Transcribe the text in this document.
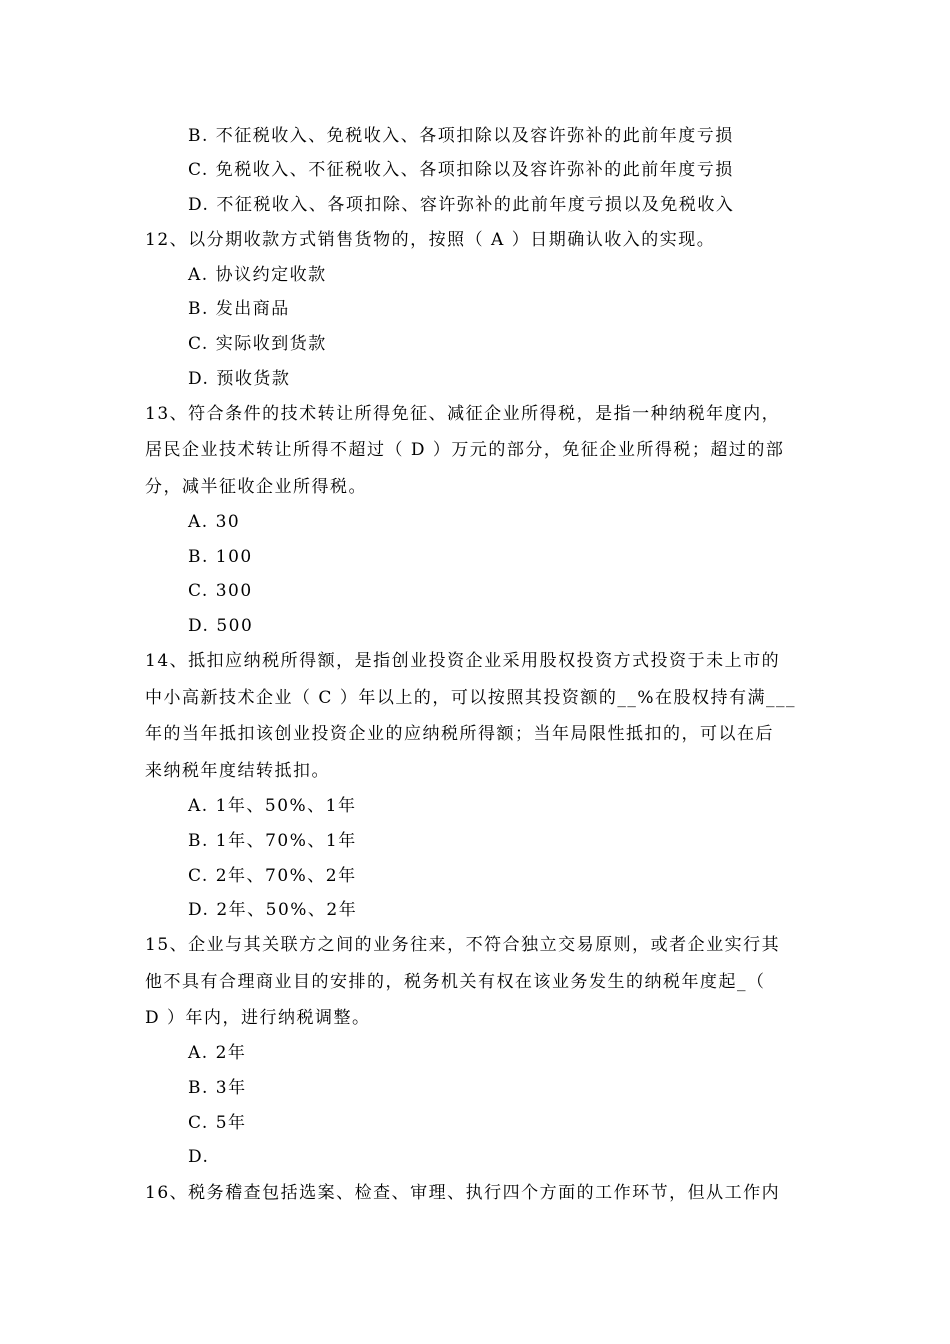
B. 不征税收入、免税收入、各项扣除以及容许弥补的此前年度亏损
C. 免税收入、不征税收入、各项扣除以及容许弥补的此前年度亏损
D. 不征税收入、各项扣除、容许弥补的此前年度亏损以及免税收入
12、以分期收款方式销售货物的，按照（ A ）日期确认收入的实现。
A. 协议约定收款
B. 发出商品
C. 实际收到货款
D. 预收货款
13、符合条件的技术转让所得免征、减征企业所得税，是指一种纳税年度内，
居民企业技术转让所得不超过（ D ）万元的部分，免征企业所得税；超过的部
分，减半征收企业所得税。
A. 30
B. 100
C. 300
D. 500
14、抵扣应纳税所得额，是指创业投资企业采用股权投资方式投资于未上市的
中小高新技术企业（ C ）年以上的，可以按照其投资额的__%在股权持有满___
年的当年抵扣该创业投资企业的应纳税所得额；当年局限性抵扣的，可以在后
来纳税年度结转抵扣。
A. 1年、50%、1年
B. 1年、70%、1年
C. 2年、70%、2年
D. 2年、50%、2年
15、企业与其关联方之间的业务往来，不符合独立交易原则，或者企业实行其
他不具有合理商业目的安排的，税务机关有权在该业务发生的纳税年度起_（
D ）年内，进行纳税调整。
A. 2年
B. 3年
C. 5年
D.
16、税务稽查包括选案、检查、审理、执行四个方面的工作环节，但从工作内
